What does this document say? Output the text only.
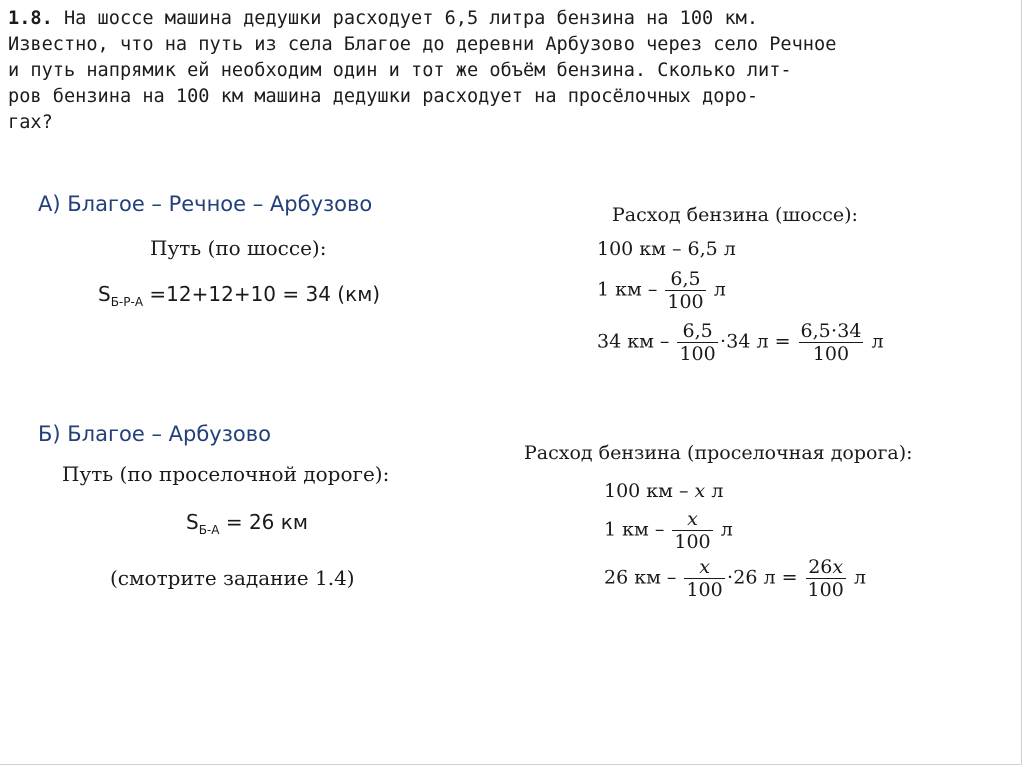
1.8. На шоссе машина дедушки расходует 6,5 литра бензина на 100 км.
Известно, что на путь из села Благое до деревни Арбузово через село Речное
и путь напрямик ей необходим один и тот же объём бензина. Сколько лит-
ров бензина на 100 км машина дедушки расходует на просёлочных доро-
гах?
А) Благое – Речное – Арбузово
Путь (по шоссе):
$S_{Б-Р-А} =12+12+10 = 34$ (км)
Расход бензина (шоссе):
100 км – 6,5 л
1 км – $\frac{6,5}{100}$ л
34 км – $\frac{6,5}{100} \cdot 34$ $л = \frac{6,5\cdot 34}{100}$ л
Б) Благое – Арбузово
Путь (по проселочной дороге):
$S_{Б-А} = 26$ км
(смотрите задание 1.4)
Расход бензина (проселочная дорога):
100 км – x л
1 км – $\frac{x}{100}$ л
26 км – $\frac{x}{100} \cdot 26$ $л = \frac{26x}{100}$ л
